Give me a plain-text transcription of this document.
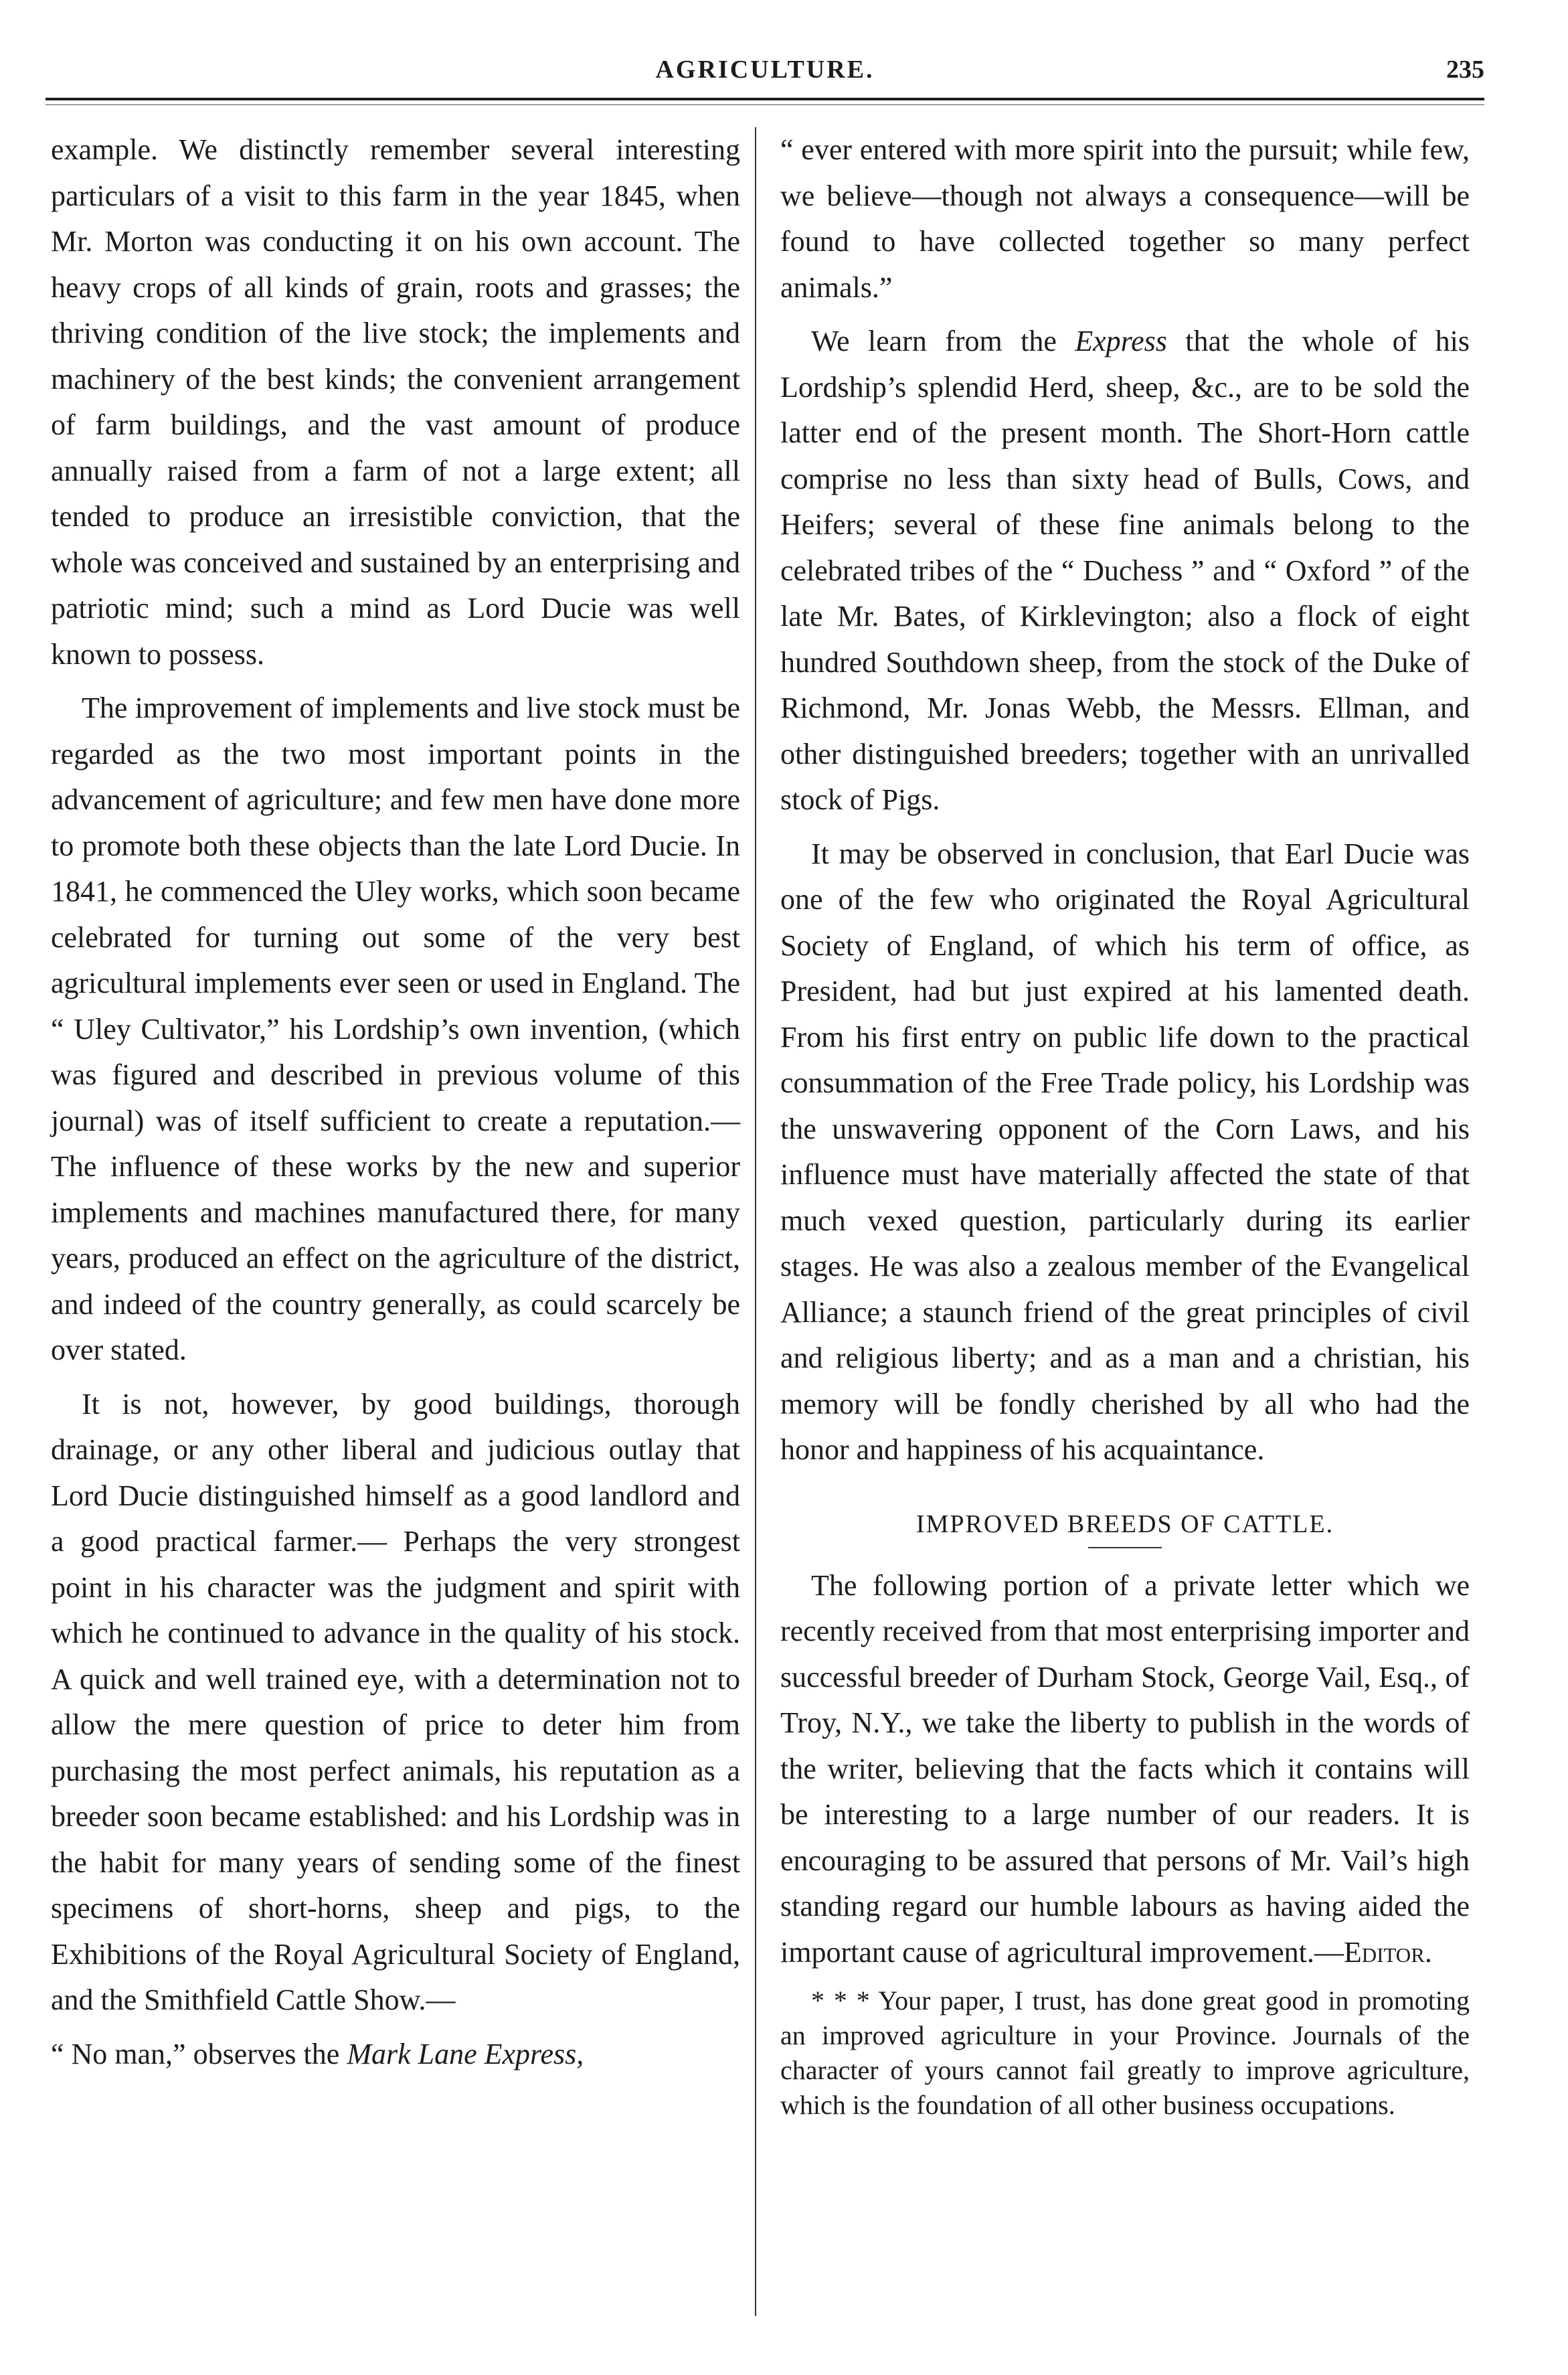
AGRICULTURE.	235

example. We distinctly remember several interesting particulars of a visit to this farm in the year 1845, when Mr. Morton was conducting it on his own account. The heavy crops of all kinds of grain, roots and grasses; the thriving condition of the live stock; the implements and machinery of the best kinds; the convenient arrangement of farm buildings, and the vast amount of produce annually raised from a farm of not a large extent; all tended to produce an irresistible conviction, that the whole was conceived and sustained by an enterprising and patriotic mind; such a mind as Lord Ducie was well known to possess.

The improvement of implements and live stock must be regarded as the two most important points in the advancement of agriculture; and few men have done more to promote both these objects than the late Lord Ducie. In 1841, he commenced the Uley works, which soon became celebrated for turning out some of the very best agricultural implements ever seen or used in England. The “ Uley Cultivator,” his Lordship’s own invention, (which was figured and described in previous volume of this journal) was of itself sufficient to create a reputation.— The influence of these works by the new and superior implements and machines manufactured there, for many years, produced an effect on the agriculture of the district, and indeed of the country generally, as could scarcely be over stated.

It is not, however, by good buildings, thorough drainage, or any other liberal and judicious outlay that Lord Ducie distinguished himself as a good landlord and a good practical farmer.— Perhaps the very strongest point in his character was the judgment and spirit with which he continued to advance in the quality of his stock. A quick and well trained eye, with a determination not to allow the mere question of price to deter him from purchasing the most perfect animals, his reputation as a breeder soon became established: and his Lordship was in the habit for many years of sending some of the finest specimens of short-horns, sheep and pigs, to the Exhibitions of the Royal Agricultural Society of England, and the Smithfield Cattle Show.—

“ No man,” observes the Mark Lane Express,

“ ever entered with more spirit into the pursuit; while few, we believe—though not always a consequence—will be found to have collected together so many perfect animals.”

We learn from the Express that the whole of his Lordship’s splendid Herd, sheep, &c., are to be sold the latter end of the present month. The Short-Horn cattle comprise no less than sixty head of Bulls, Cows, and Heifers; several of these fine animals belong to the celebrated tribes of the “ Duchess ” and “ Oxford ” of the late Mr. Bates, of Kirklevington; also a flock of eight hundred Southdown sheep, from the stock of the Duke of Richmond, Mr. Jonas Webb, the Messrs. Ellman, and other distinguished breeders; together with an unrivalled stock of Pigs.

It may be observed in conclusion, that Earl Ducie was one of the few who originated the Royal Agricultural Society of England, of which his term of office, as President, had but just expired at his lamented death. From his first entry on public life down to the practical consummation of the Free Trade policy, his Lordship was the unswavering opponent of the Corn Laws, and his influence must have materially affected the state of that much vexed question, particularly during its earlier stages. He was also a zealous member of the Evangelical Alliance; a staunch friend of the great principles of civil and religious liberty; and as a man and a christian, his memory will be fondly cherished by all who had the honor and happiness of his acquaintance.

IMPROVED BREEDS OF CATTLE.

The following portion of a private letter which we recently received from that most enterprising importer and successful breeder of Durham Stock, George Vail, Esq., of Troy, N.Y., we take the liberty to publish in the words of the writer, believing that the facts which it contains will be interesting to a large number of our readers. It is encouraging to be assured that persons of Mr. Vail’s high standing regard our humble labours as having aided the important cause of agricultural improvement.—Editor.

* * * Your paper, I trust, has done great good in promoting an improved agriculture in your Province. Journals of the character of yours cannot fail greatly to improve agriculture, which is the foundation of all other business occupations.
